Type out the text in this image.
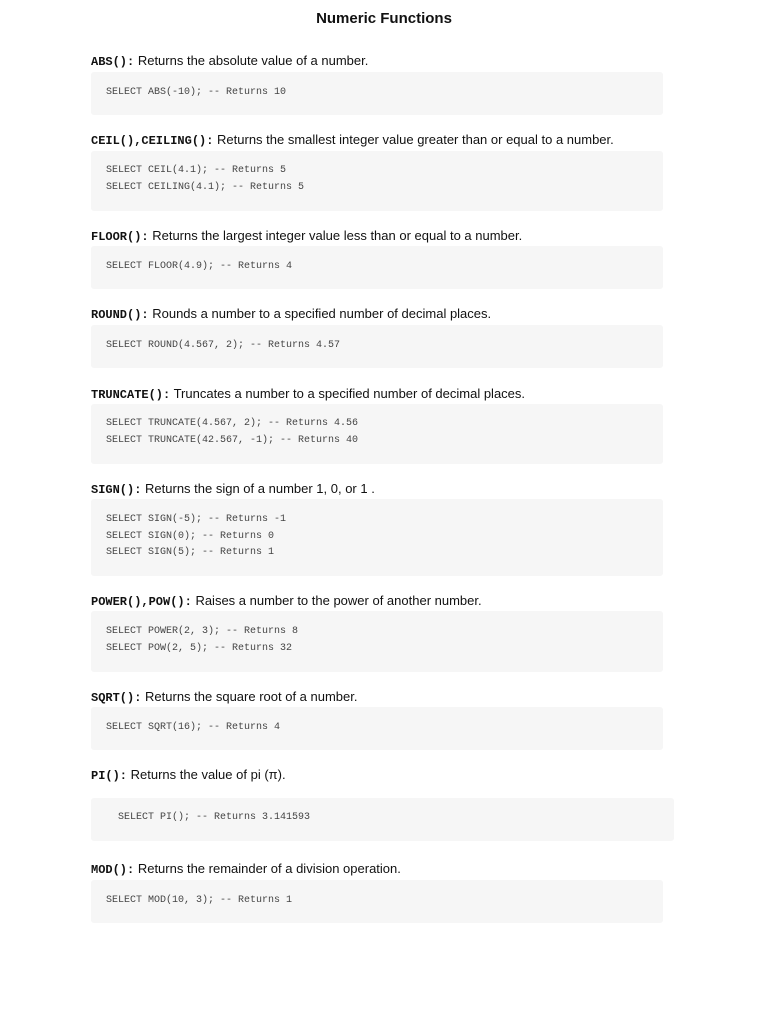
Numeric Functions
ABS(): Returns the absolute value of a number.
SELECT ABS(-10); -- Returns 10
CEIL(),CEILING(): Returns the smallest integer value greater than or equal to a number.
SELECT CEIL(4.1); -- Returns 5
SELECT CEILING(4.1); -- Returns 5
FLOOR(): Returns the largest integer value less than or equal to a number.
SELECT FLOOR(4.9); -- Returns 4
ROUND(): Rounds a number to a specified number of decimal places.
SELECT ROUND(4.567, 2); -- Returns 4.57
TRUNCATE(): Truncates a number to a specified number of decimal places.
SELECT TRUNCATE(4.567, 2); -- Returns 4.56
SELECT TRUNCATE(42.567, -1); -- Returns 40
SIGN(): Returns the sign of a number 1, 0, or 1 .
SELECT SIGN(-5); -- Returns -1
SELECT SIGN(0); -- Returns 0
SELECT SIGN(5); -- Returns 1
POWER(),POW(): Raises a number to the power of another number.
SELECT POWER(2, 3); -- Returns 8
SELECT POW(2, 5); -- Returns 32
SQRT(): Returns the square root of a number.
SELECT SQRT(16); -- Returns 4
PI(): Returns the value of pi (π).
SELECT PI(); -- Returns 3.141593
MOD(): Returns the remainder of a division operation.
SELECT MOD(10, 3); -- Returns 1
